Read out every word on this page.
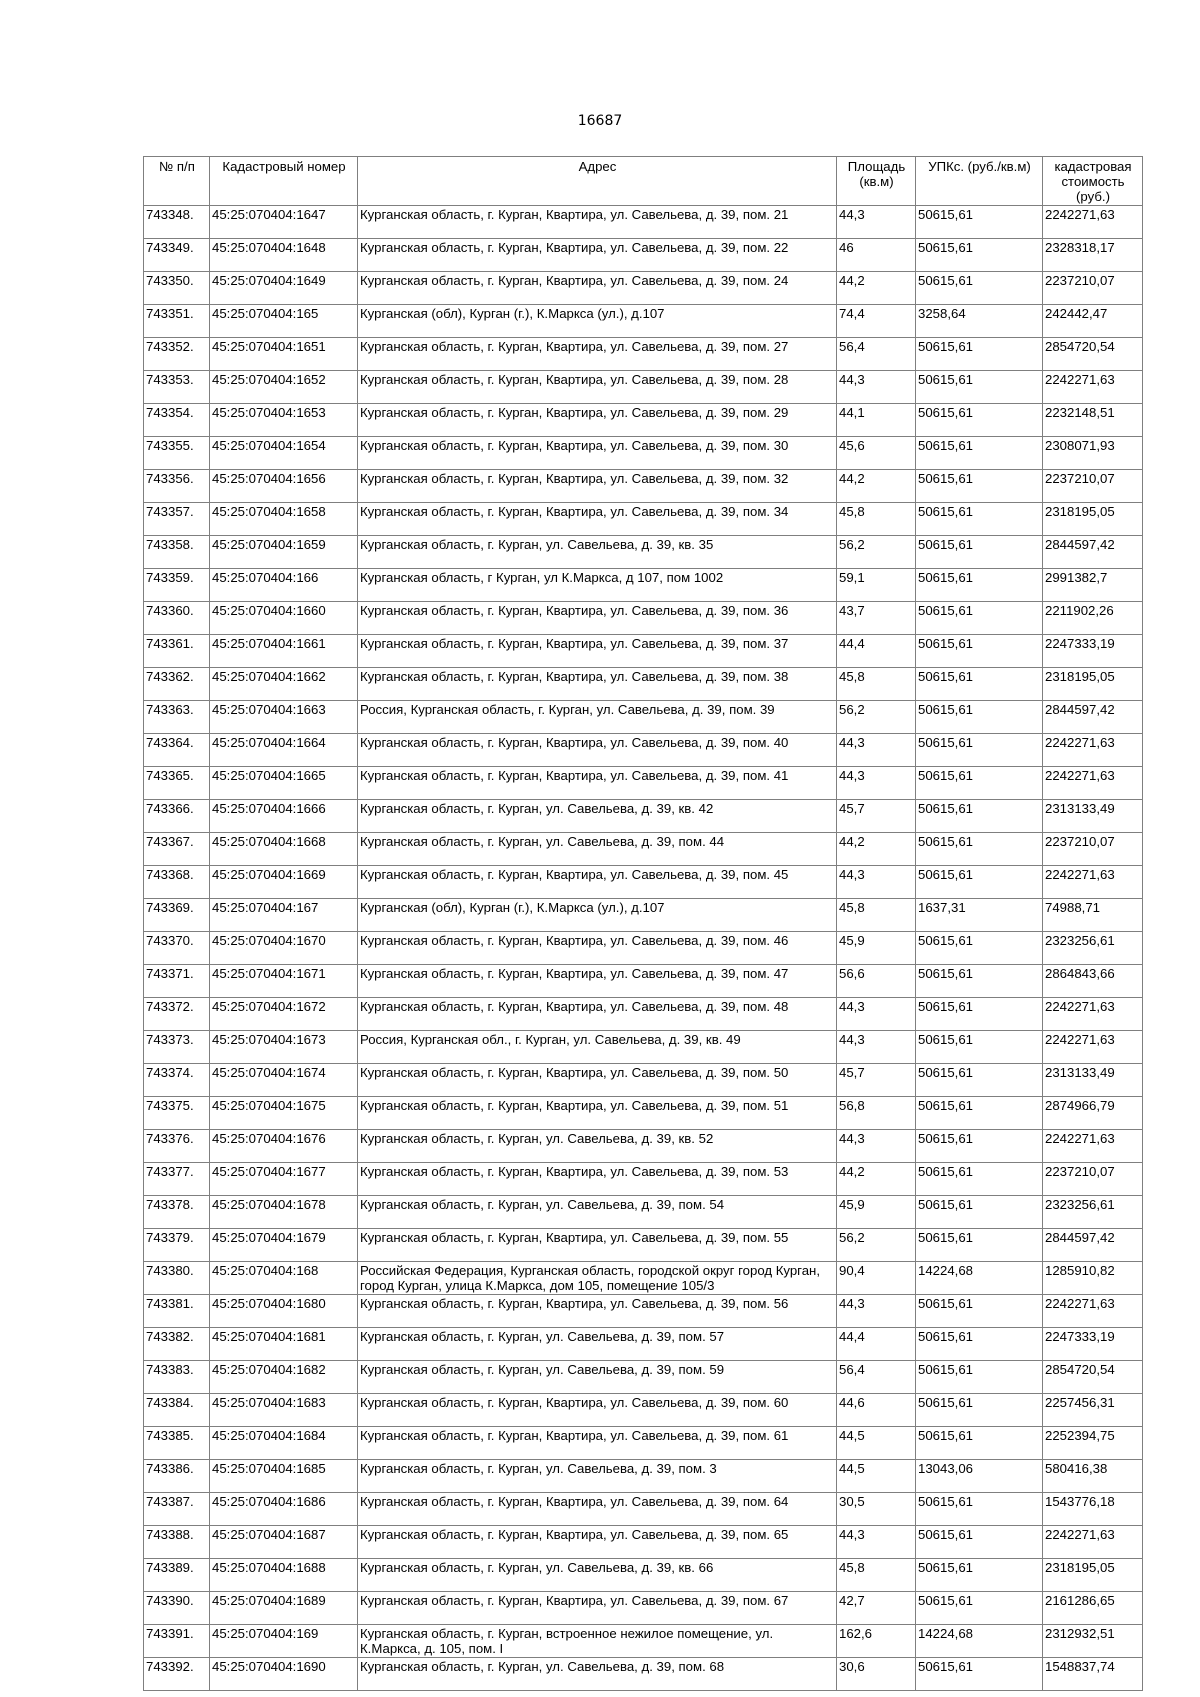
16687
№ п/п	Кадастровый номер	Адрес	Площадь (кв.м)	УПКс. (руб./кв.м)	кадастровая стоимость (руб.)
743348.	45:25:070404:1647	Курганская область, г. Курган, Квартира, ул. Савельева, д. 39, пом. 21	44,3	50615,61	2242271,63
743349.	45:25:070404:1648	Курганская область, г. Курган, Квартира, ул. Савельева, д. 39, пом. 22	46	50615,61	2328318,17
743350.	45:25:070404:1649	Курганская область, г. Курган, Квартира, ул. Савельева, д. 39, пом. 24	44,2	50615,61	2237210,07
743351.	45:25:070404:165	Курганская (обл), Курган (г.), К.Маркса (ул.), д.107	74,4	3258,64	242442,47
743352.	45:25:070404:1651	Курганская область, г. Курган, Квартира, ул. Савельева, д. 39, пом. 27	56,4	50615,61	2854720,54
743353.	45:25:070404:1652	Курганская область, г. Курган, Квартира, ул. Савельева, д. 39, пом. 28	44,3	50615,61	2242271,63
743354.	45:25:070404:1653	Курганская область, г. Курган, Квартира, ул. Савельева, д. 39, пом. 29	44,1	50615,61	2232148,51
743355.	45:25:070404:1654	Курганская область, г. Курган, Квартира, ул. Савельева, д. 39, пом. 30	45,6	50615,61	2308071,93
743356.	45:25:070404:1656	Курганская область, г. Курган, Квартира, ул. Савельева, д. 39, пом. 32	44,2	50615,61	2237210,07
743357.	45:25:070404:1658	Курганская область, г. Курган, Квартира, ул. Савельева, д. 39, пом. 34	45,8	50615,61	2318195,05
743358.	45:25:070404:1659	Курганская область, г. Курган, ул. Савельева, д. 39, кв. 35	56,2	50615,61	2844597,42
743359.	45:25:070404:166	Курганская область, г Курган, ул К.Маркса, д 107, пом 1002	59,1	50615,61	2991382,7
743360.	45:25:070404:1660	Курганская область, г. Курган, Квартира, ул. Савельева, д. 39, пом. 36	43,7	50615,61	2211902,26
743361.	45:25:070404:1661	Курганская область, г. Курган, Квартира, ул. Савельева, д. 39, пом. 37	44,4	50615,61	2247333,19
743362.	45:25:070404:1662	Курганская область, г. Курган, Квартира, ул. Савельева, д. 39, пом. 38	45,8	50615,61	2318195,05
743363.	45:25:070404:1663	Россия, Курганская область, г. Курган, ул. Савельева, д. 39, пом. 39	56,2	50615,61	2844597,42
743364.	45:25:070404:1664	Курганская область, г. Курган, Квартира, ул. Савельева, д. 39, пом. 40	44,3	50615,61	2242271,63
743365.	45:25:070404:1665	Курганская область, г. Курган, Квартира, ул. Савельева, д. 39, пом. 41	44,3	50615,61	2242271,63
743366.	45:25:070404:1666	Курганская область, г. Курган, ул. Савельева, д. 39, кв. 42	45,7	50615,61	2313133,49
743367.	45:25:070404:1668	Курганская область, г. Курган, ул. Савельева, д. 39, пом. 44	44,2	50615,61	2237210,07
743368.	45:25:070404:1669	Курганская область, г. Курган, Квартира, ул. Савельева, д. 39, пом. 45	44,3	50615,61	2242271,63
743369.	45:25:070404:167	Курганская (обл), Курган (г.), К.Маркса (ул.), д.107	45,8	1637,31	74988,71
743370.	45:25:070404:1670	Курганская область, г. Курган, Квартира, ул. Савельева, д. 39, пом. 46	45,9	50615,61	2323256,61
743371.	45:25:070404:1671	Курганская область, г. Курган, Квартира, ул. Савельева, д. 39, пом. 47	56,6	50615,61	2864843,66
743372.	45:25:070404:1672	Курганская область, г. Курган, Квартира, ул. Савельева, д. 39, пом. 48	44,3	50615,61	2242271,63
743373.	45:25:070404:1673	Россия, Курганская обл., г. Курган, ул. Савельева, д. 39, кв. 49	44,3	50615,61	2242271,63
743374.	45:25:070404:1674	Курганская область, г. Курган, Квартира, ул. Савельева, д. 39, пом. 50	45,7	50615,61	2313133,49
743375.	45:25:070404:1675	Курганская область, г. Курган, Квартира, ул. Савельева, д. 39, пом. 51	56,8	50615,61	2874966,79
743376.	45:25:070404:1676	Курганская область, г. Курган, ул. Савельева, д. 39, кв. 52	44,3	50615,61	2242271,63
743377.	45:25:070404:1677	Курганская область, г. Курган, Квартира, ул. Савельева, д. 39, пом. 53	44,2	50615,61	2237210,07
743378.	45:25:070404:1678	Курганская область, г. Курган, ул. Савельева, д. 39, пом. 54	45,9	50615,61	2323256,61
743379.	45:25:070404:1679	Курганская область, г. Курган, Квартира, ул. Савельева, д. 39, пом. 55	56,2	50615,61	2844597,42
743380.	45:25:070404:168	Российская Федерация, Курганская область, городской округ город Курган, город Курган, улица К.Маркса, дом 105, помещение 105/3	90,4	14224,68	1285910,82
743381.	45:25:070404:1680	Курганская область, г. Курган, Квартира, ул. Савельева, д. 39, пом. 56	44,3	50615,61	2242271,63
743382.	45:25:070404:1681	Курганская область, г. Курган, ул. Савельева, д. 39, пом. 57	44,4	50615,61	2247333,19
743383.	45:25:070404:1682	Курганская область, г. Курган, ул. Савельева, д. 39, пом. 59	56,4	50615,61	2854720,54
743384.	45:25:070404:1683	Курганская область, г. Курган, Квартира, ул. Савельева, д. 39, пом. 60	44,6	50615,61	2257456,31
743385.	45:25:070404:1684	Курганская область, г. Курган, Квартира, ул. Савельева, д. 39, пом. 61	44,5	50615,61	2252394,75
743386.	45:25:070404:1685	Курганская область, г. Курган, ул. Савельева, д. 39, пом. 3	44,5	13043,06	580416,38
743387.	45:25:070404:1686	Курганская область, г. Курган, Квартира, ул. Савельева, д. 39, пом. 64	30,5	50615,61	1543776,18
743388.	45:25:070404:1687	Курганская область, г. Курган, Квартира, ул. Савельева, д. 39, пом. 65	44,3	50615,61	2242271,63
743389.	45:25:070404:1688	Курганская область, г. Курган, ул. Савельева, д. 39, кв. 66	45,8	50615,61	2318195,05
743390.	45:25:070404:1689	Курганская область, г. Курган, Квартира, ул. Савельева, д. 39, пом. 67	42,7	50615,61	2161286,65
743391.	45:25:070404:169	Курганская область, г. Курган, встроенное нежилое помещение, ул. К.Маркса, д. 105, пом. I	162,6	14224,68	2312932,51
743392.	45:25:070404:1690	Курганская область, г. Курган, ул. Савельева, д. 39, пом. 68	30,6	50615,61	1548837,74
